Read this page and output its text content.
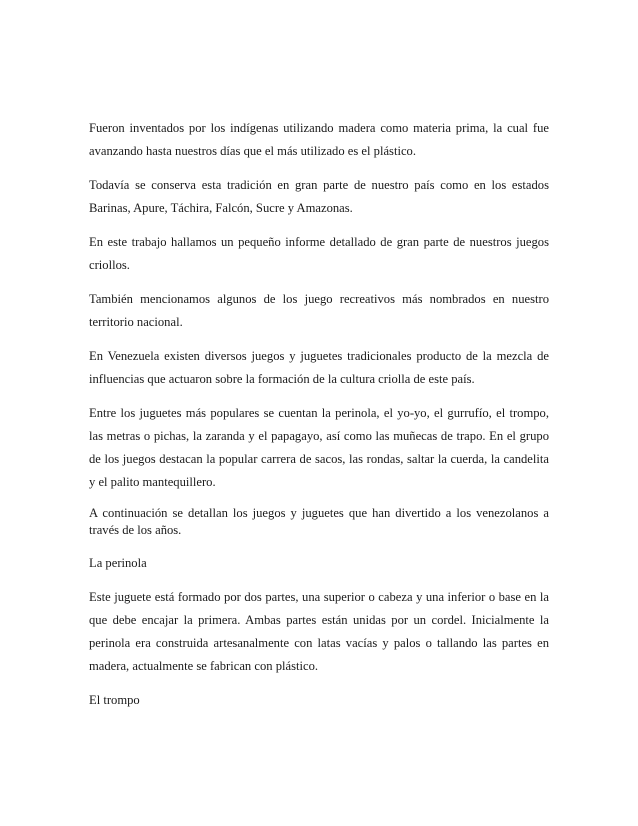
Fueron inventados por los indígenas utilizando madera como materia prima, la cual fue avanzando hasta nuestros días que el más utilizado es el plástico.

Todavía se conserva esta tradición en gran parte de nuestro país como en los estados Barinas, Apure, Táchira, Falcón, Sucre y Amazonas.

En este trabajo hallamos un pequeño informe detallado de gran parte de nuestros juegos criollos.

También mencionamos algunos de los juego recreativos más nombrados en nuestro territorio nacional.

En Venezuela existen diversos juegos y juguetes tradicionales producto de la mezcla de influencias que actuaron sobre la formación de la cultura criolla de este país.

Entre los juguetes más populares se cuentan la perinola, el yo-yo, el gurrufío, el trompo, las metras o pichas, la zaranda y el papagayo, así como las muñecas de trapo. En el grupo de los juegos destacan la popular carrera de sacos, las rondas, saltar la cuerda, la candelita y el palito mantequillero.

A continuación se detallan los juegos y juguetes que han divertido a los venezolanos a través de los años.

La perinola

Este juguete está formado por dos partes, una superior o cabeza y una inferior o base en la que debe encajar la primera. Ambas partes están unidas por un cordel. Inicialmente la perinola era construida artesanalmente con latas vacías y palos o tallando las partes en madera, actualmente se fabrican con plástico.

El trompo
